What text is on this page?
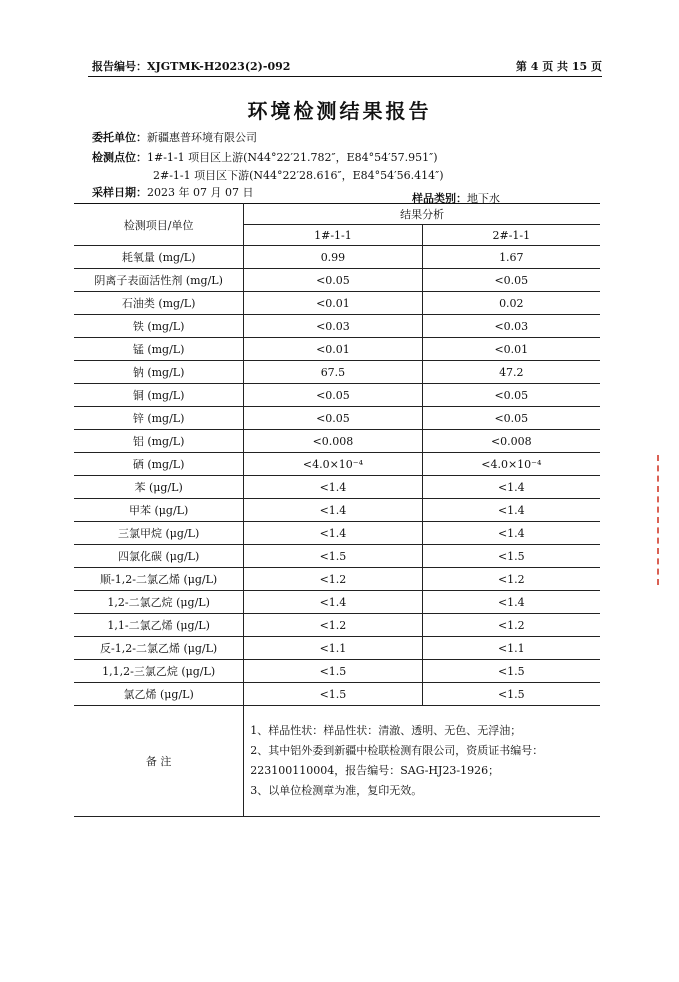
报告编号：XJGTMK-H2023(2)-092	第 4 页 共 15 页
环境检测结果报告
委托单位：新疆惠普环境有限公司
检测点位：1#-1-1 项目区上游(N44°22′21.782″，E84°54′57.951″)
2#-1-1 项目区下游(N44°22′28.616″，E84°54′56.414″)
采样日期：2023 年 07 月 07 日	样品类别：地下水
检测项目/单位	结果分析	
	1#-1-1	2#-1-1
耗氧量 (mg/L)	0.99	1.67
阴离子表面活性剂 (mg/L)	<0.05	<0.05
石油类 (mg/L)	<0.01	0.02
铁 (mg/L)	<0.03	<0.03
锰 (mg/L)	<0.01	<0.01
钠 (mg/L)	67.5	47.2
铜 (mg/L)	<0.05	<0.05
锌 (mg/L)	<0.05	<0.05
铝 (mg/L)	<0.008	<0.008
硒 (mg/L)	<4.0×10⁻⁴	<4.0×10⁻⁴
苯 (μg/L)	<1.4	<1.4
甲苯 (μg/L)	<1.4	<1.4
三氯甲烷 (μg/L)	<1.4	<1.4
四氯化碳 (μg/L)	<1.5	<1.5
顺-1,2-二氯乙烯 (μg/L)	<1.2	<1.2
1,2-二氯乙烷 (μg/L)	<1.4	<1.4
1,1-二氯乙烯 (μg/L)	<1.2	<1.2
反-1,2-二氯乙烯 (μg/L)	<1.1	<1.1
1,1,2-三氯乙烷 (μg/L)	<1.5	<1.5
氯乙烯 (μg/L)	<1.5	<1.5
备 注	1、样品性状：样品性状：清澈、透明、无色、无浮油；
2、其中铝外委到新疆中检联检测有限公司，资质证书编号：
223100110004，报告编号：SAG-HJ23-1926；
3、以单位检测章为准，复印无效。	
